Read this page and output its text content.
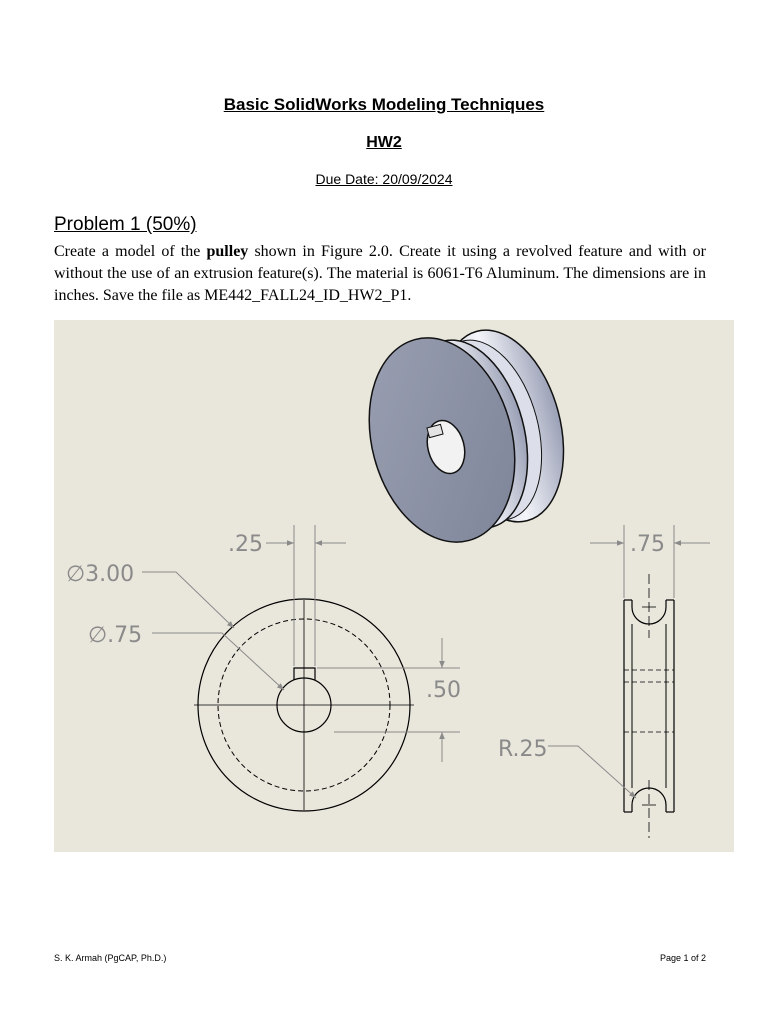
Basic SolidWorks Modeling Techniques
HW2
Due Date: 20/09/2024
Problem 1 (50%)
Create a model of the pulley shown in Figure 2.0. Create it using a revolved feature and with or without the use of an extrusion feature(s). The material is 6061-T6 Aluminum. The dimensions are in inches. Save the file as ME442_FALL24_ID_HW2_P1.
∅3.00
∅.75
.25
.50
.75
R.25
S. K. Armah (PgCAP, Ph.D.)	Page 1 of 2
